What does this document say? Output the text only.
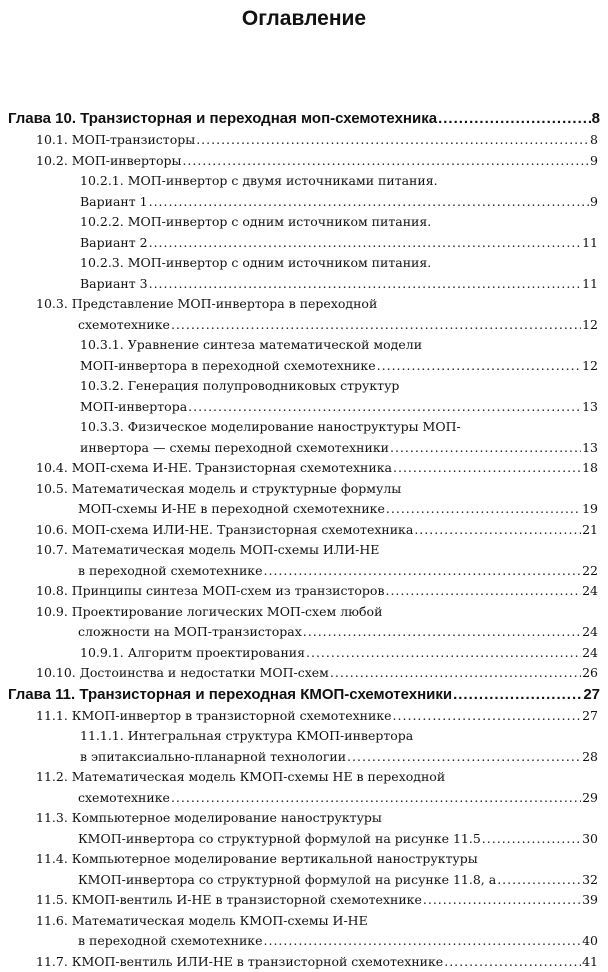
Оглавление
Глава 10. Транзисторная и переходная моп-схемотехника .....	8
10.1. МОП-транзисторы .....	8
10.2. МОП-инверторы .....	9
10.2.1. МОП-инвертор с двумя источниками питания.
Вариант 1 .....	9
10.2.2. МОП-инвертор с одним источником питания.
Вариант 2 .....	11
10.2.3. МОП-инвертор с одним источником питания.
Вариант 3 .....	11
10.3. Представление МОП-инвертора в переходной
схемотехнике .....	12
10.3.1. Уравнение синтеза математической модели
МОП-инвертора в переходной схемотехнике .....	12
10.3.2. Генерация полупроводниковых структур
МОП-инвертора .....	13
10.3.3. Физическое моделирование наноструктуры МОП-
инвертора — схемы переходной схемотехники .....	13
10.4. МОП-схема И-НЕ. Транзисторная схемотехника .....	18
10.5. Математическая модель и структурные формулы
МОП-схемы И-НЕ в переходной схемотехнике .....	19
10.6. МОП-схема ИЛИ-НЕ. Транзисторная схемотехника .....	21
10.7. Математическая модель МОП-схемы ИЛИ-НЕ
в переходной схемотехнике .....	22
10.8. Принципы синтеза МОП-схем из транзисторов .....	24
10.9. Проектирование логических МОП-схем любой
сложности на МОП-транзисторах .....	24
10.9.1. Алгоритм проектирования .....	24
10.10. Достоинства и недостатки МОП-схем .....	26
Глава 11. Транзисторная и переходная КМОП-схемотехники .....	27
11.1. КМОП-инвертор в транзисторной схемотехнике .....	27
11.1.1. Интегральная структура КМОП-инвертора
в эпитаксиально-планарной технологии .....	28
11.2. Математическая модель КМОП-схемы НЕ в переходной
схемотехнике .....	29
11.3. Компьютерное моделирование наноструктуры
КМОП-инвертора со структурной формулой на рисунке 11.5 .....	30
11.4. Компьютерное моделирование вертикальной наноструктуры
КМОП-инвертора со структурной формулой на рисунке 11.8, а .....	32
11.5. КМОП-вентиль И-НЕ в транзисторной схемотехнике .....	39
11.6. Математическая модель КМОП-схемы И-НЕ
в переходной схемотехнике .....	40
11.7. КМОП-вентиль ИЛИ-НЕ в транзисторной схемотехнике .....	41
